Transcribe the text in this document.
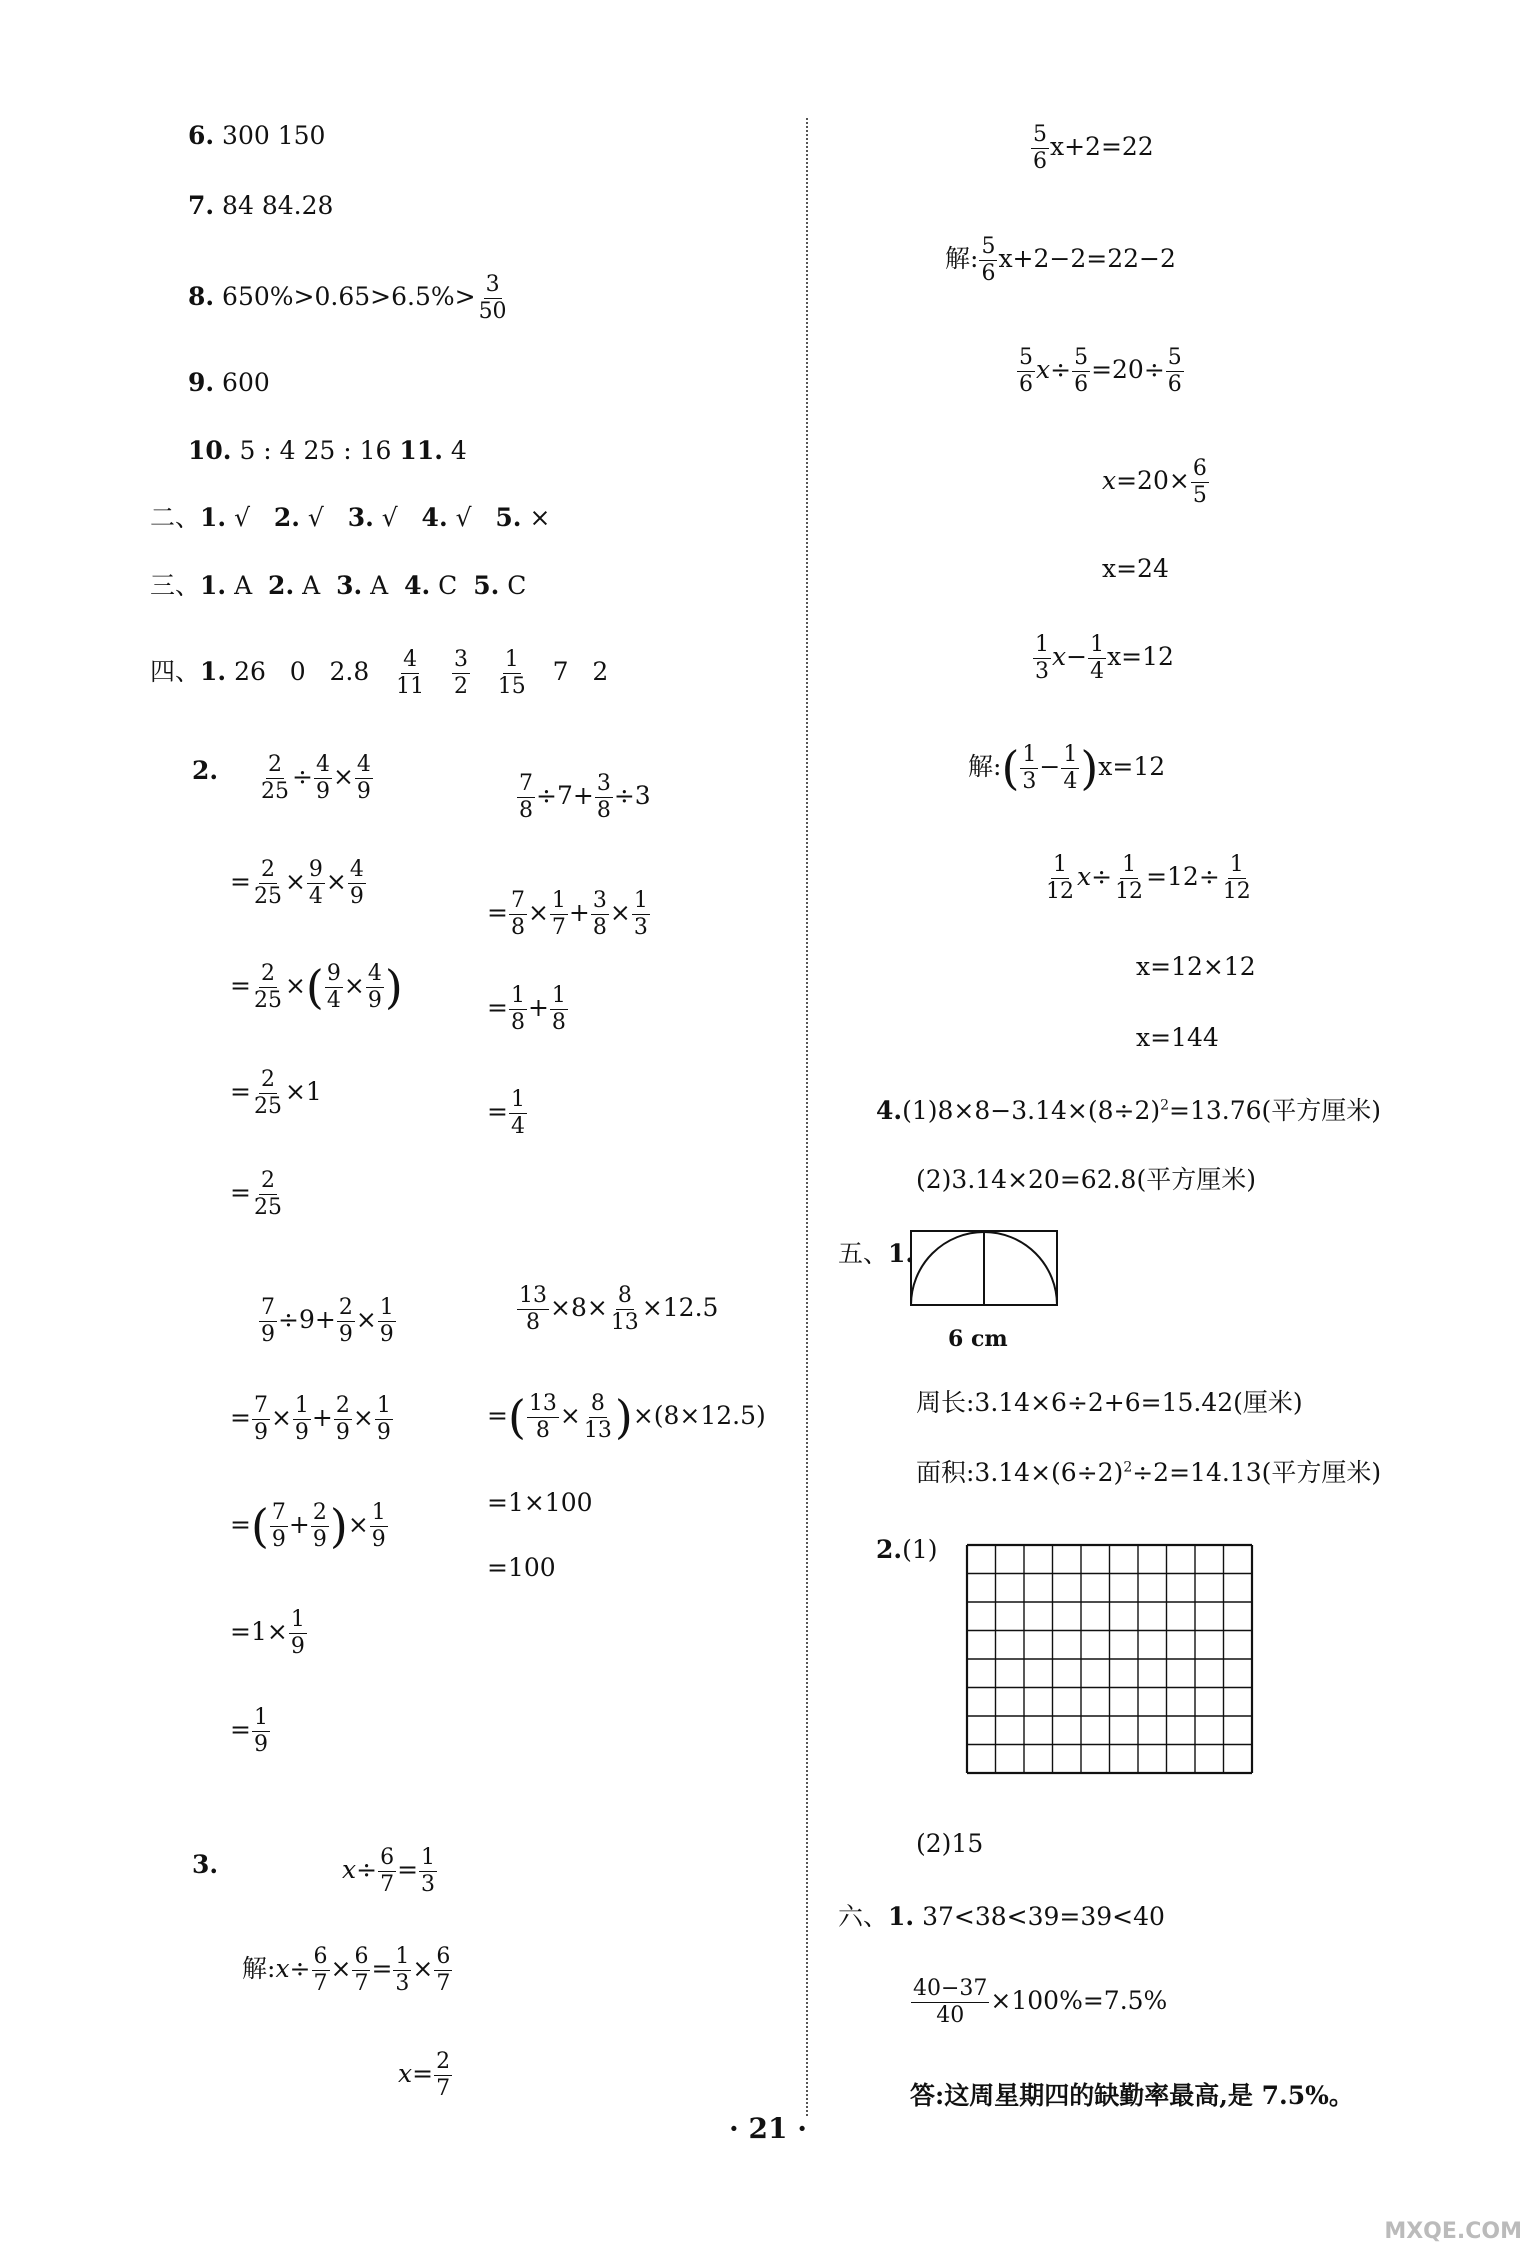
6. 300 150
7. 84 84.28
8. $650\%>0.65>6.5\%> \frac{3}{50}$
9. 600
10. 5 : 4 25 : 16 11. 4
二、1. √ 2. √ 3. √ 4. √ 5. ×
三、1. A 2. A 3. A 4. C 5. C
四、1. 26 0 $2.8 \frac{4}{11}$
$\frac{3}{2}$
$\frac{1}{15} 7$ 2
2. $\frac{2}{25} \div \frac{4}{9} \times \frac{4}{9}$
= $\frac{2}{25} \times \frac{9}{4} \times \frac{4}{9}$
= $\frac{2}{25}$ ×( $\frac{9}{4} \times \frac{4}{9}$ )
= $\frac{2}{25} \times 1$
= $\frac{2}{25}$
$\frac{7}{8} \div 7+ \frac{3}{8} \div 3$
= $\frac{7}{8} \times \frac{1}{7} + \frac{3}{8} \times \frac{1}{3}$
= $\frac{1}{8} + \frac{1}{8}$
= $\frac{1}{4}$
$\frac{7}{9} \div 9+ \frac{2}{9} \times \frac{1}{9}$
= $\frac{7}{9} \times \frac{1}{9} + \frac{2}{9} \times \frac{1}{9}$
=( $\frac{7}{9} + \frac{2}{9}$ )× $\frac{1}{9}$
$=1\times \frac{1}{9}$
= $\frac{1}{9}$
$\frac{13}{8} \times 8\times \frac{8}{13} \times 12.5$
=( $\frac{13}{8} \times \frac{8}{13} )\times(8\times 12.5)$
=1×100
=100
3.	$x\div \frac{6}{7} = \frac{1}{3}$
解:x÷ $\frac{6}{7} \times \frac{6}{7} = \frac{1}{3} \times \frac{6}{7}$
$x= \frac{2}{7}$
$\frac{5}{6} x+2=22$
解: $\frac{5}{6} x+2-2=22-2$
$\frac{5}{6} x\div \frac{5}{6} =20\div \frac{5}{6}$
$x=20\times \frac{6}{5}$
x=24
$\frac{1}{3} x- \frac{1}{4} x=12$
解:( $\frac{1}{3} - \frac{1}{4} )x=12$
$\frac{1}{12} x\div \frac{1}{12} =12\div \frac{1}{12}$
x=12×12
x=144
$4.(1)8\times 8-3.14\times(8\div 2)^2=13.76$(平方厘米)
(2)3.14×20=62.8(平方厘米)
五、1.
6 cm
周长:3.14×6÷2+6=15.42(厘米)
面积$:3.14\times(6\div 2)^2\div 2=14.13$(平方厘米)
2.(1)
(2)15
六、1. 37<38<39=39<40
$\frac{40-37}{40} \times 100\%=7.5\%$
答:这周星期四的缺勤率最高,是 7.5%。
· 21 ·
MXQE.COM
